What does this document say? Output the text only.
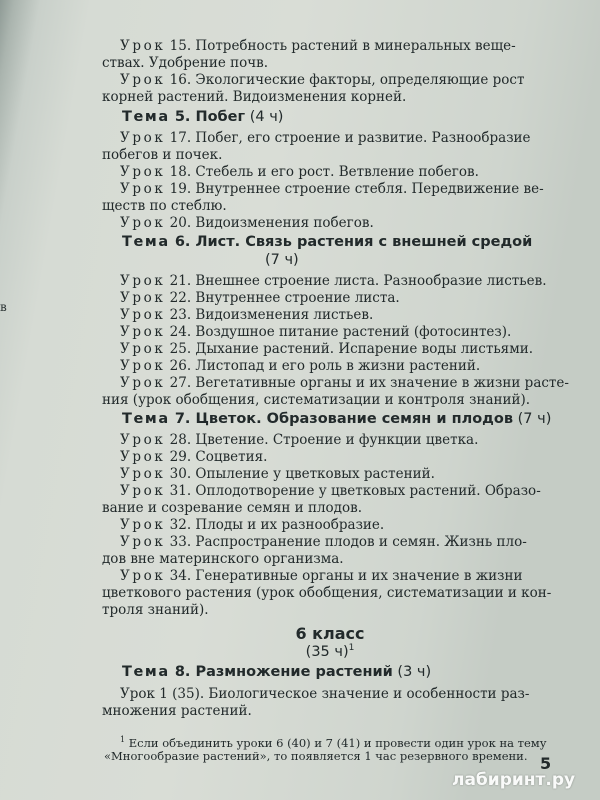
в
Урок 15. Потребность растений в минеральных веще-
ствах. Удобрение почв.
Урок 16. Экологические факторы, определяющие рост
корней растений. Видоизменения корней.
Тема 5. Побег (4 ч)
Урок 17. Побег, его строение и развитие. Разнообразие
побегов и почек.
Урок 18. Стебель и его рост. Ветвление побегов.
Урок 19. Внутреннее строение стебля. Передвижение ве-
ществ по стеблю.
Урок 20. Видоизменения побегов.
Тема 6. Лист. Связь растения с внешней средой
(7 ч)
Урок 21. Внешнее строение листа. Разнообразие листьев.
Урок 22. Внутреннее строение листа.
Урок 23. Видоизменения листьев.
Урок 24. Воздушное питание растений (фотосинтез).
Урок 25. Дыхание растений. Испарение воды листьями.
Урок 26. Листопад и его роль в жизни растений.
Урок 27. Вегетативные органы и их значение в жизни расте-
ния (урок обобщения, систематизации и контроля знаний).
Тема 7. Цветок. Образование семян и плодов (7 ч)
Урок 28. Цветение. Строение и функции цветка.
Урок 29. Соцветия.
Урок 30. Опыление у цветковых растений.
Урок 31. Оплодотворение у цветковых растений. Образо-
вание и созревание семян и плодов.
Урок 32. Плоды и их разнообразие.
Урок 33. Распространение плодов и семян. Жизнь пло-
дов вне материнского организма.
Урок 34. Генеративные органы и их значение в жизни
цветкового растения (урок обобщения, систематизации и кон-
троля знаний).
6 класс
(35 ч)$^1$
Тема 8. Размножение растений (3 ч)
Урок 1 (35). Биологическое значение и особенности раз-
множения растений.
$^1$ Если объединить уроки 6 (40) и 7 (41) и провести один урок на тему
«Многообразие растений», то появляется 1 час резервного времени. 5
лабиринт.ру
